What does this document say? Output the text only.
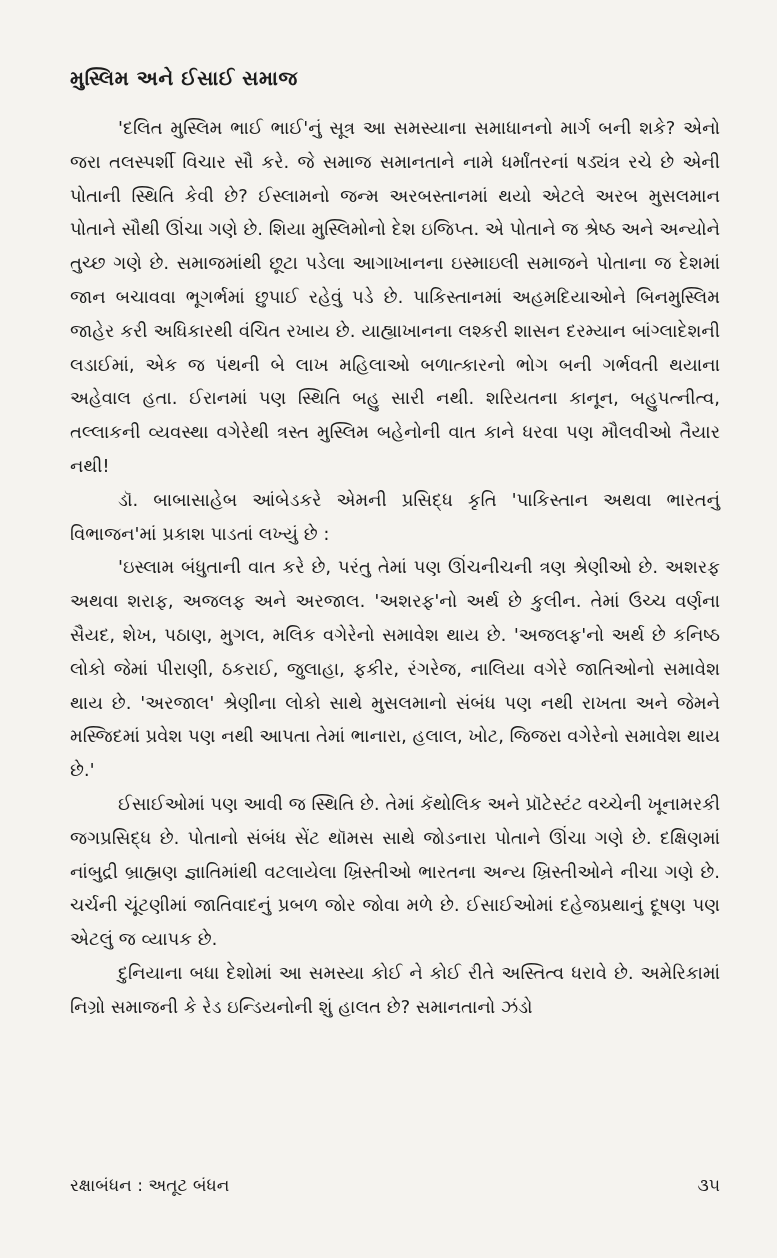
મુસ્લિમ અને ઈસાઈ સમાજ

'દલિત મુસ્લિમ ભાઈ ભાઈ'નું સૂત્ર આ સમસ્યાના સમાધાનનો માર્ગ બની શકે? એનો જરા તલસ્પર્શી વિચાર સૌ કરે. જે સમાજ સમાનતાને નામે ધર્માંતરનાં ષડ્યંત્ર રચે છે એની પોતાની સ્થિતિ કેવી છે? ઈસ્લામનો જન્મ અરબસ્તાનમાં થયો એટલે અરબ મુસલમાન પોતાને સૌથી ઊંચા ગણે છે. શિયા મુસ્લિમોનો દેશ ઇજિપ્ત. એ પોતાને જ શ્રેષ્ઠ અને અન્યોને તુચ્છ ગણે છે. સમાજમાંથી છૂટા પડેલા આગાખાનના ઇસ્માઇલી સમાજને પોતાના જ દેશમાં જાન બચાવવા ભૂગર્ભમાં છુપાઈ રહેવું પડે છે. પાકિસ્તાનમાં અહમદિયાઓને બિનમુસ્લિમ જાહેર કરી અધિકારથી વંચિત રખાય છે. યાહ્યાખાનના લશ્કરી શાસન દરમ્યાન બાંગ્લાદેશની લડાઈમાં, એક જ પંથની બે લાખ મહિલાઓ બળાત્કારનો ભોગ બની ગર્ભવતી થયાના અહેવાલ હતા. ઈરાનમાં પણ સ્થિતિ બહુ સારી નથી. શરિયતના કાનૂન, બહુપત્નીત્વ, તલ્લાકની વ્યવસ્થા વગેરેથી ત્રસ્ત મુસ્લિમ બહેનોની વાત કાને ધરવા પણ મૌલવીઓ તૈયાર નથી!

ડૉ. બાબાસાહેબ આંબેડકરે એમની પ્રસિદ્ધ કૃતિ 'પાકિસ્તાન અથવા ભારતનું વિભાજન'માં પ્રકાશ પાડતાં લખ્યું છે :

'ઇસ્લામ બંધુતાની વાત કરે છે, પરંતુ તેમાં પણ ઊંચનીચની ત્રણ શ્રેણીઓ છે. અશરફ અથવા શરાફ, અજલફ અને અરજાલ. 'અશરફ'નો અર્થ છે કુલીન. તેમાં ઉચ્ચ વર્ણના સૈયદ, શેખ, પઠાણ, મુગલ, મલિક વગેરેનો સમાવેશ થાય છે. 'અજલફ'નો અર્થ છે કનિષ્ઠ લોકો જેમાં પીરાણી, ઠકરાઈ, જુલાહા, ફકીર, રંગરેજ, નાલિયા વગેરે જાતિઓનો સમાવેશ થાય છે. 'અરજાલ' શ્રેણીના લોકો સાથે મુસલમાનો સંબંધ પણ નથી રાખતા અને જેમને મસ્જિદમાં પ્રવેશ પણ નથી આપતા તેમાં ભાનારા, હલાલ, ખોટ, જિજરા વગેરેનો સમાવેશ થાય છે.'

ઈસાઈઓમાં પણ આવી જ સ્થિતિ છે. તેમાં કૅથોલિક અને પ્રૉટેસ્ટંટ વચ્ચેની ખૂનામરકી જગપ્રસિદ્ધ છે. પોતાનો સંબંધ સેંટ થૉમસ સાથે જોડનારા પોતાને ઊંચા ગણે છે. દક્ષિણમાં નાંબુદ્રી બ્રાહ્મણ જ્ઞાતિમાંથી વટલાયેલા ખ્રિસ્તીઓ ભારતના અન્ય ખ્રિસ્તીઓને નીચા ગણે છે. ચર્ચની ચૂંટણીમાં જાતિવાદનું પ્રબળ જોર જોવા મળે છે. ઈસાઈઓમાં દહેજપ્રથાનું દૂષણ પણ એટલું જ વ્યાપક છે.

દુનિયાના બધા દેશોમાં આ સમસ્યા કોઈ ને કોઈ રીતે અસ્તિત્વ ધરાવે છે. અમેરિકામાં નિગ્રો સમાજની કે રેડ ઇન્ડિયનોની શું હાલત છે? સમાનતાનો ઝંડો

રક્ષાબંધન : અતૂટ બંધન	૩૫
